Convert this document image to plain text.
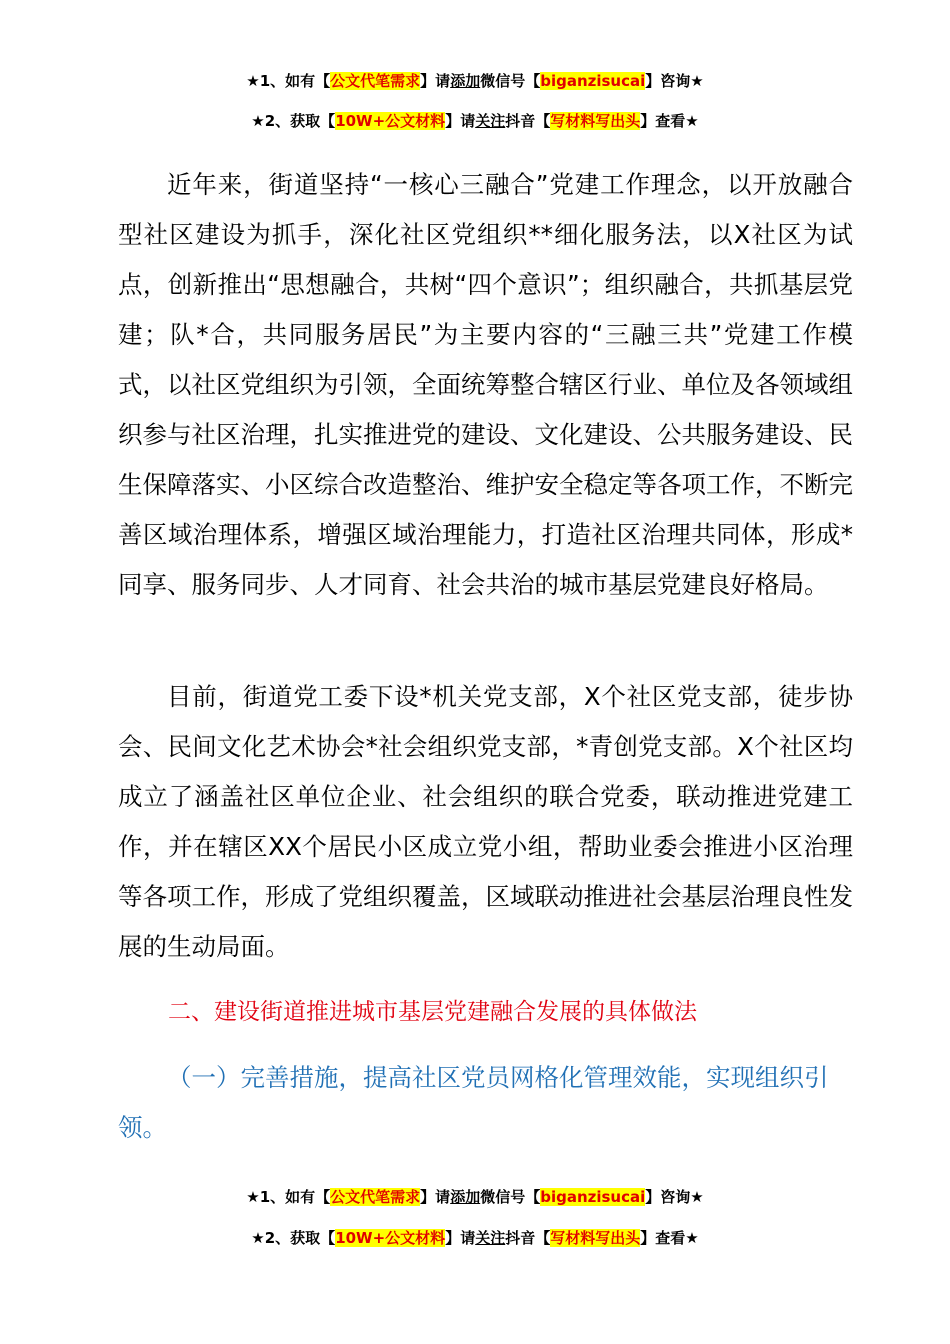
★1、如有【公文代笔需求】请添加微信号【biganzisucai】咨询★
★2、获取【10W+公文材料】请关注抖音【写材料写出头】查看★

近年来，街道坚持“一核心三融合”党建工作理念，以开放融合型社区建设为抓手，深化社区党组织**细化服务法，以X社区为试点，创新推出“思想融合，共树“四个意识”；组织融合，共抓基层党建；队*合，共同服务居民”为主要内容的“三融三共”党建工作模式，以社区党组织为引领，全面统筹整合辖区行业、单位及各领域组织参与社区治理，扎实推进党的建设、文化建设、公共服务建设、民生保障落实、小区综合改造整治、维护安全稳定等各项工作，不断完善区域治理体系，增强区域治理能力，打造社区治理共同体，形成*同享、服务同步、人才同育、社会共治的城市基层党建良好格局。

目前，街道党工委下设*机关党支部，X个社区党支部，徒步协会、民间文化艺术协会*社会组织党支部，*青创党支部。X个社区均成立了涵盖社区单位企业、社会组织的联合党委，联动推进党建工作，并在辖区XX个居民小区成立党小组，帮助业委会推进小区治理等各项工作，形成了党组织覆盖，区域联动推进社会基层治理良性发展的生动局面。

二、建设街道推进城市基层党建融合发展的具体做法

（一）完善措施，提高社区党员网格化管理效能，实现组织引领。

★1、如有【公文代笔需求】请添加微信号【biganzisucai】咨询★
★2、获取【10W+公文材料】请关注抖音【写材料写出头】查看★
